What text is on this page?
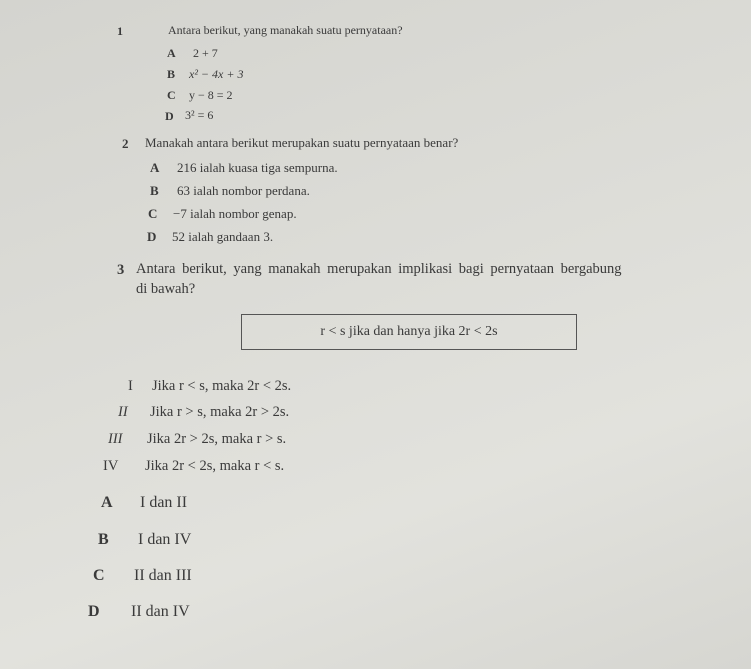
1	Antara berikut, yang manakah suatu pernyataan?
A 2 + 7
B x² − 4x + 3
C y − 8 = 2
D 3² = 6
2 Manakah antara berikut merupakan suatu pernyataan benar?
A 216 ialah kuasa tiga sempurna.
B 63 ialah nombor perdana.
C −7 ialah nombor genap.
D 52 ialah gandaan 3.
3 Antara berikut, yang manakah merupakan implikasi bagi pernyataan bergabung
di bawah?
r < s jika dan hanya jika 2r < 2s
I Jika r < s, maka 2r < 2s.
II Jika r > s, maka 2r > 2s.
III Jika 2r > 2s, maka r > s.
IV Jika 2r < 2s, maka r < s.
A I dan II
B I dan IV
C II dan III
D II dan IV
